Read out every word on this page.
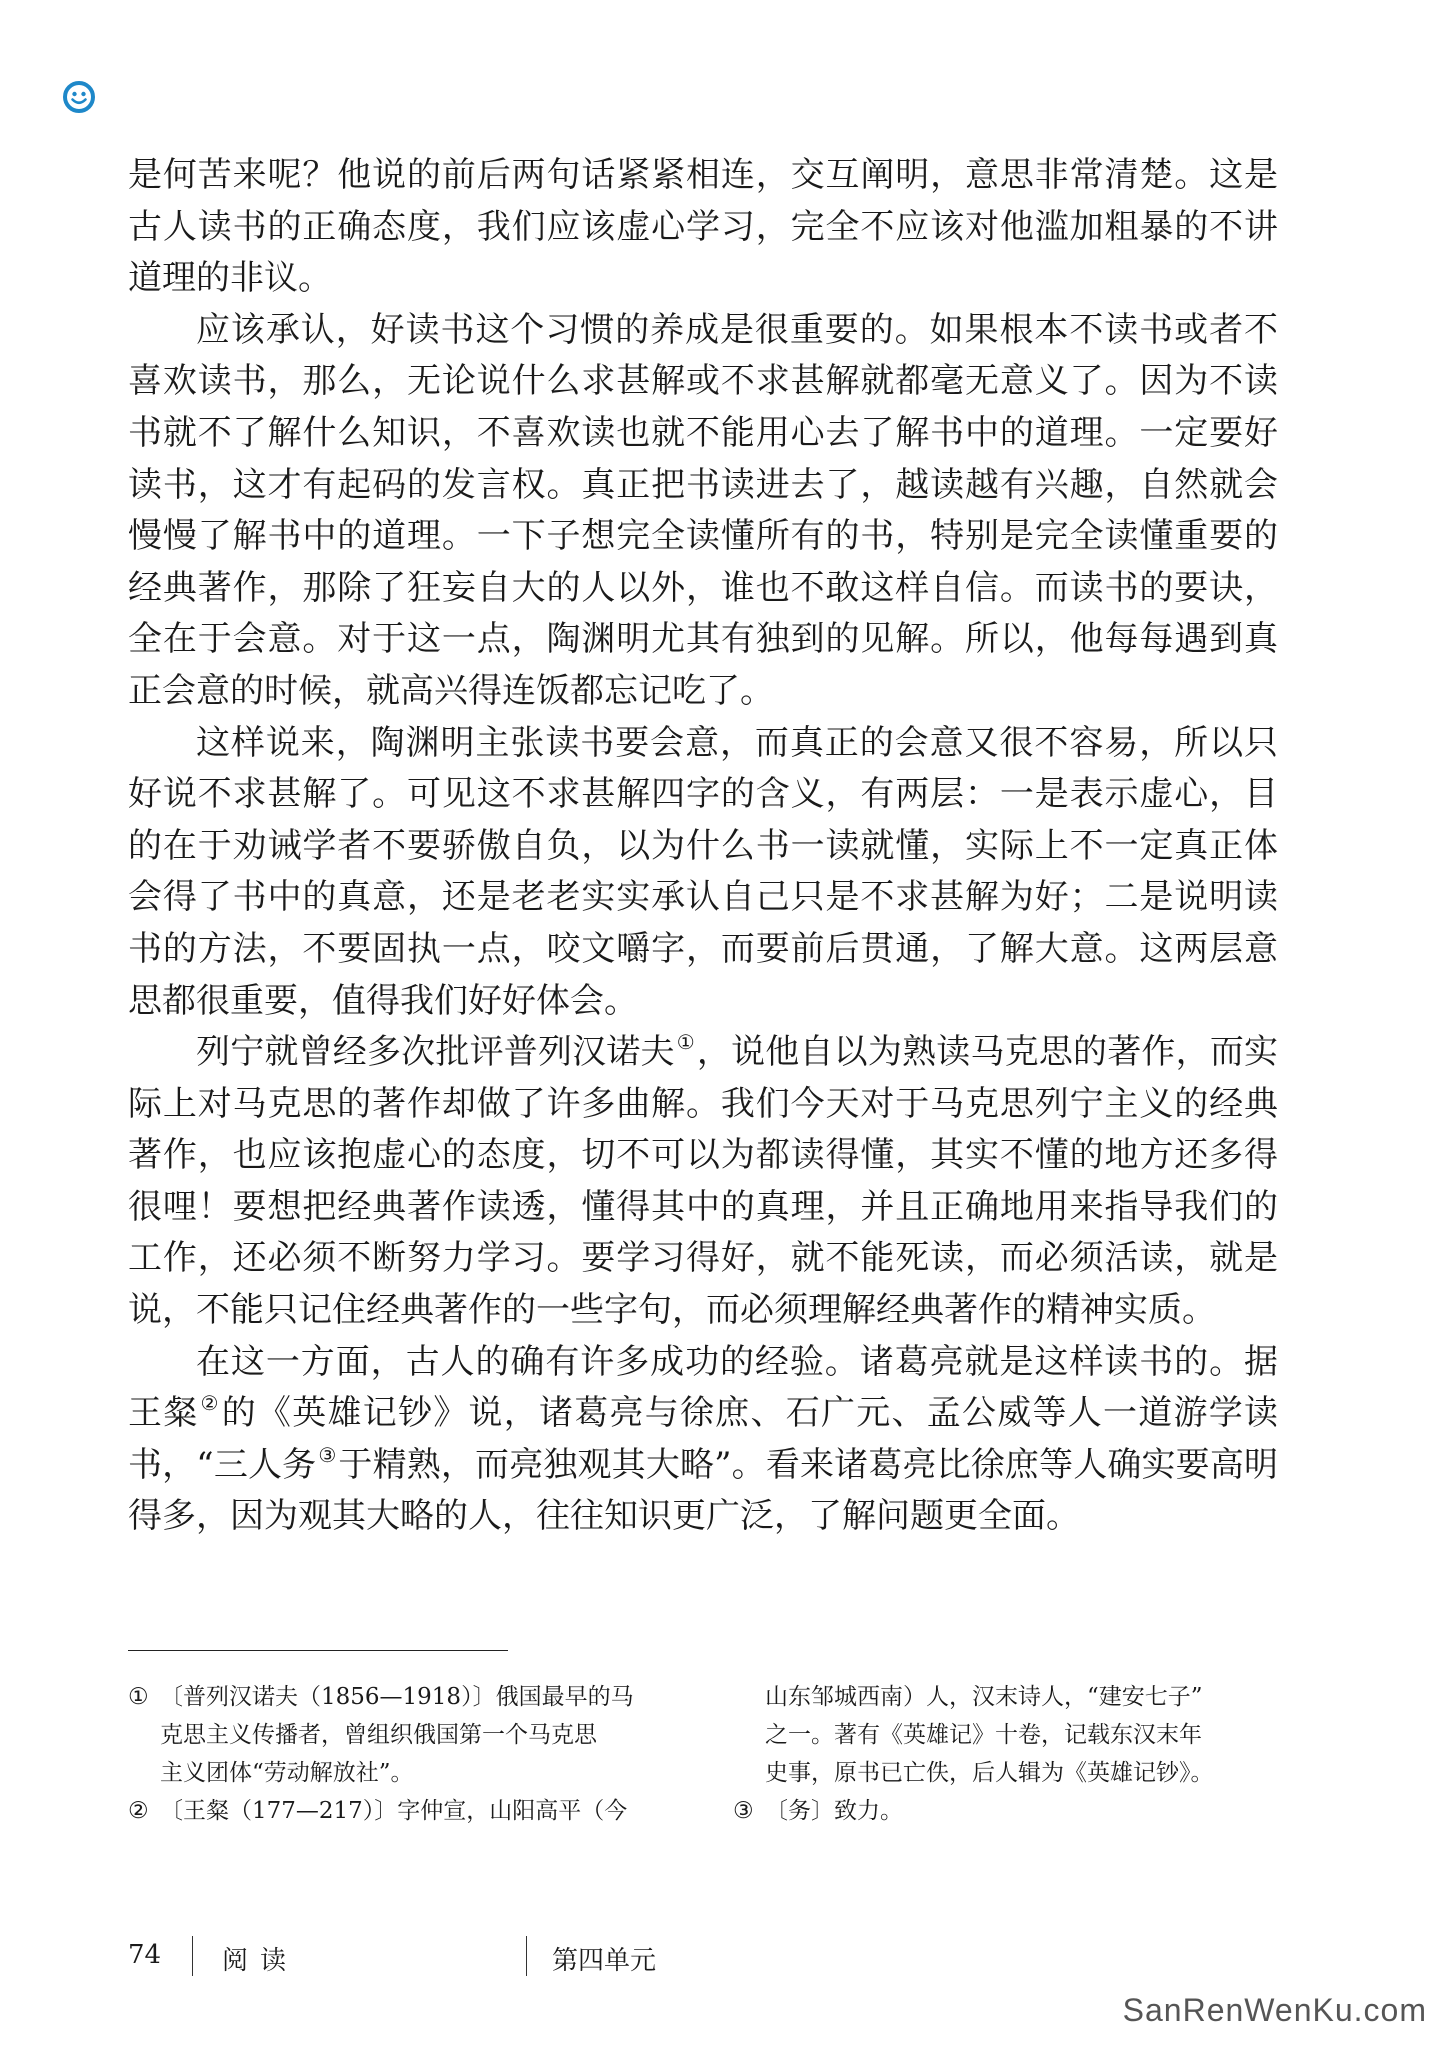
是何苦来呢？他说的前后两句话紧紧相连，交互阐明，意思非常清楚。这是古人读书的正确态度，我们应该虚心学习，完全不应该对他滥加粗暴的不讲道理的非议。

应该承认，好读书这个习惯的养成是很重要的。如果根本不读书或者不喜欢读书，那么，无论说什么求甚解或不求甚解就都毫无意义了。因为不读书就不了解什么知识，不喜欢读也就不能用心去了解书中的道理。一定要好读书，这才有起码的发言权。真正把书读进去了，越读越有兴趣，自然就会慢慢了解书中的道理。一下子想完全读懂所有的书，特别是完全读懂重要的经典著作，那除了狂妄自大的人以外，谁也不敢这样自信。而读书的要诀，全在于会意。对于这一点，陶渊明尤其有独到的见解。所以，他每每遇到真正会意的时候，就高兴得连饭都忘记吃了。

这样说来，陶渊明主张读书要会意，而真正的会意又很不容易，所以只好说不求甚解了。可见这不求甚解四字的含义，有两层：一是表示虚心，目的在于劝诫学者不要骄傲自负，以为什么书一读就懂，实际上不一定真正体会得了书中的真意，还是老老实实承认自己只是不求甚解为好；二是说明读书的方法，不要固执一点，咬文嚼字，而要前后贯通，了解大意。这两层意思都很重要，值得我们好好体会。

列宁就曾经多次批评普列汉诺夫 ①，说他自以为熟读马克思的著作，而实际上对马克思的著作却做了许多曲解。我们今天对于马克思列宁主义的经典著作，也应该抱虚心的态度，切不可以为都读得懂，其实不懂的地方还多得很哩！要想把经典著作读透，懂得其中的真理，并且正确地用来指导我们的工作，还必须不断努力学习。要学习得好，就不能死读，而必须活读，就是说，不能只记住经典著作的一些字句，而必须理解经典著作的精神实质。

在这一方面，古人的确有许多成功的经验。诸葛亮就是这样读书的。据王粲 ②的《英雄记钞》说，诸葛亮与徐庶、石广元、孟公威等人一道游学读书，“三人务 ③于精熟，而亮独观其大略”。看来诸葛亮比徐庶等人确实要高明得多，因为观其大略的人，往往知识更广泛，了解问题更全面。

① 〔普列汉诺夫（1856—1918）〕俄国最早的马
克思主义传播者，曾组织俄国第一个马克思
主义团体“劳动解放社”。
② 〔王粲（177—217）〕字仲宣，山阳高平（今
山东邹城西南）人，汉末诗人，“建安七子”
之一。著有《英雄记》十卷，记载东汉末年
史事，原书已亡佚，后人辑为《英雄记钞》。
③ 〔务〕致力。
74 阅读	第四单元
SanRenWenKu.com
